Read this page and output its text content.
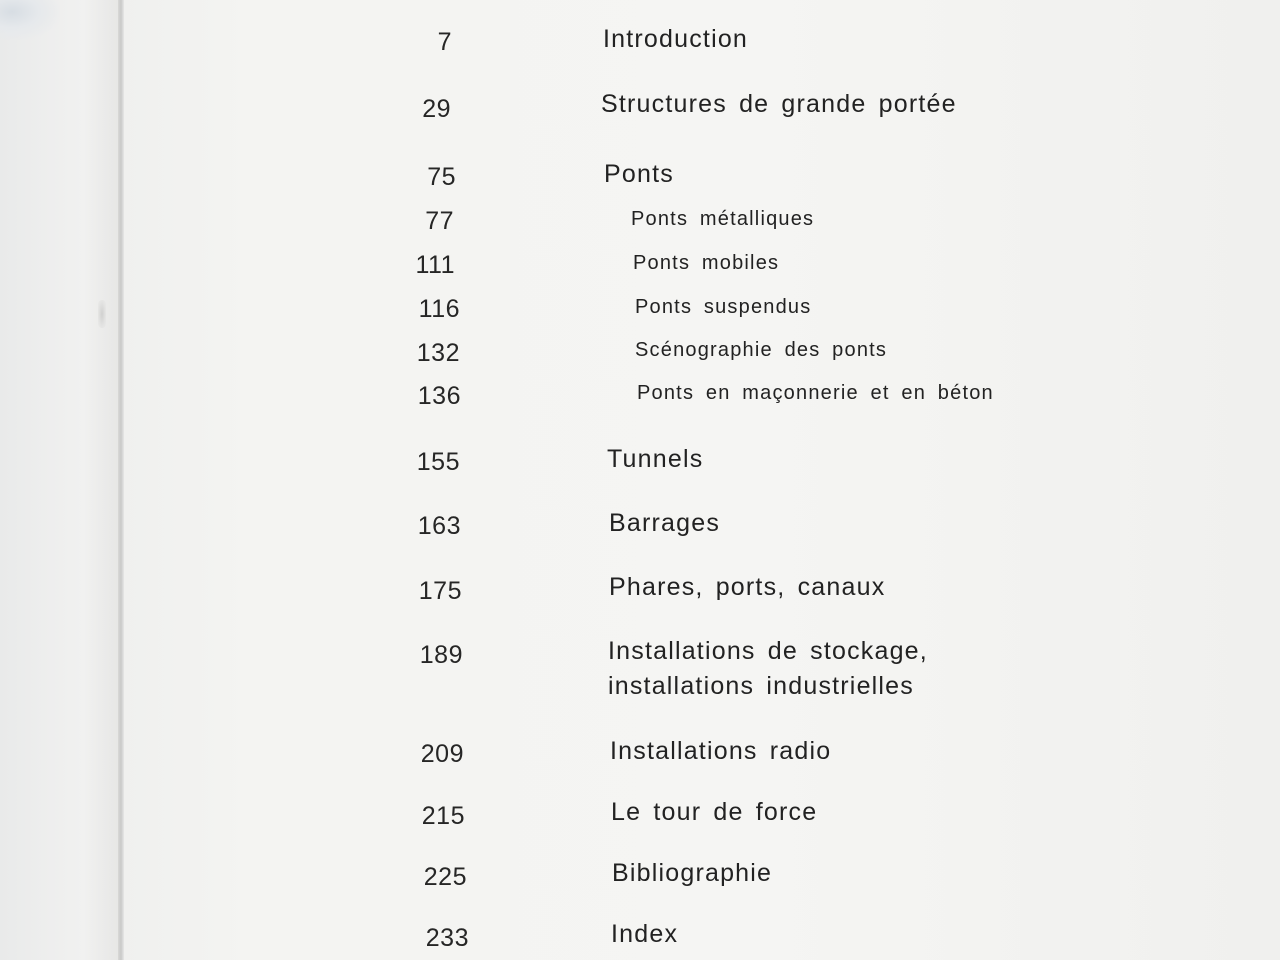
7	Introduction
29	Structures de grande portée
75	Ponts
77	Ponts métalliques
111	Ponts mobiles
116	Ponts suspendus
132	Scénographie des ponts
136	Ponts en maçonnerie et en béton
155	Tunnels
163	Barrages
175	Phares, ports, canaux
189	Installations de stockage,
installations industrielles
209	Installations radio
215	Le tour de force
225	Bibliographie
233	Index
